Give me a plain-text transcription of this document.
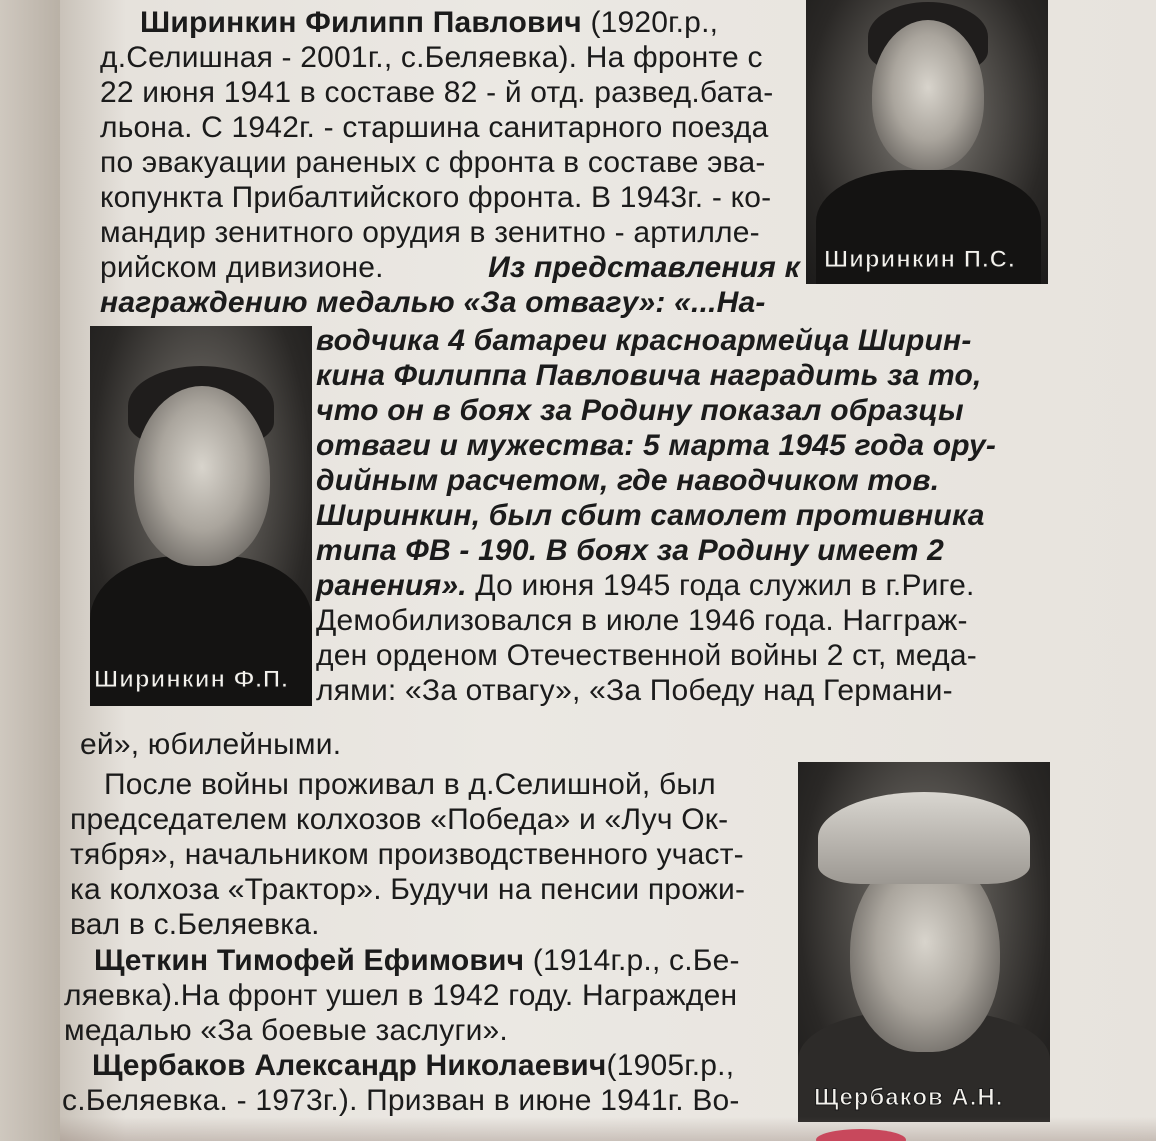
Ширинкин П.С.
Ширинкин Ф.П.
Щербаков А.Н.
Ширинкин Филипп Павлович (1920г.р.,
д.Селишная - 2001г., с.Беляевка). На фронте с
22 июня 1941 в составе 82 - й отд. развед.бата-
льона. С 1942г. - старшина санитарного поезда
по эвакуации раненых с фронта в составе эва-
копункта Прибалтийского фронта. В 1943г. - ко-
мандир зенитного орудия в зенитно - артилле-
рийском дивизионе.	Из представления к
награждению медалью «За отвагу»: «...На-
водчика 4 батареи красноармейца Ширин-
кина Филиппа Павловича наградить за то,
что он в боях за Родину показал образцы
отваги и мужества: 5 марта 1945 года ору-
дийным расчетом, где наводчиком тов.
Ширинкин, был сбит самолет противника
типа ФВ - 190. В боях за Родину имеет 2
ранения». До июня 1945 года служил в г.Риге.
Демобилизовался в июле 1946 года. Нагграж-
ден орденом Отечественной войны 2 ст, меда-
лями: «За отвагу», «За Победу над Германи-
ей», юбилейными.
После войны проживал в д.Селишной, был
председателем колхозов «Победа» и «Луч Ок-
тября», начальником производственного участ-
ка колхоза «Трактор». Будучи на пенсии прожи-
вал в с.Беляевка.
Щеткин Тимофей Ефимович (1914г.р., с.Бе-
ляевка).На фронт ушел в 1942 году. Награжден
медалью «За боевые заслуги».
Щербаков Александр Николаевич(1905г.р.,
с.Беляевка. - 1973г.). Призван в июне 1941г. Во-
